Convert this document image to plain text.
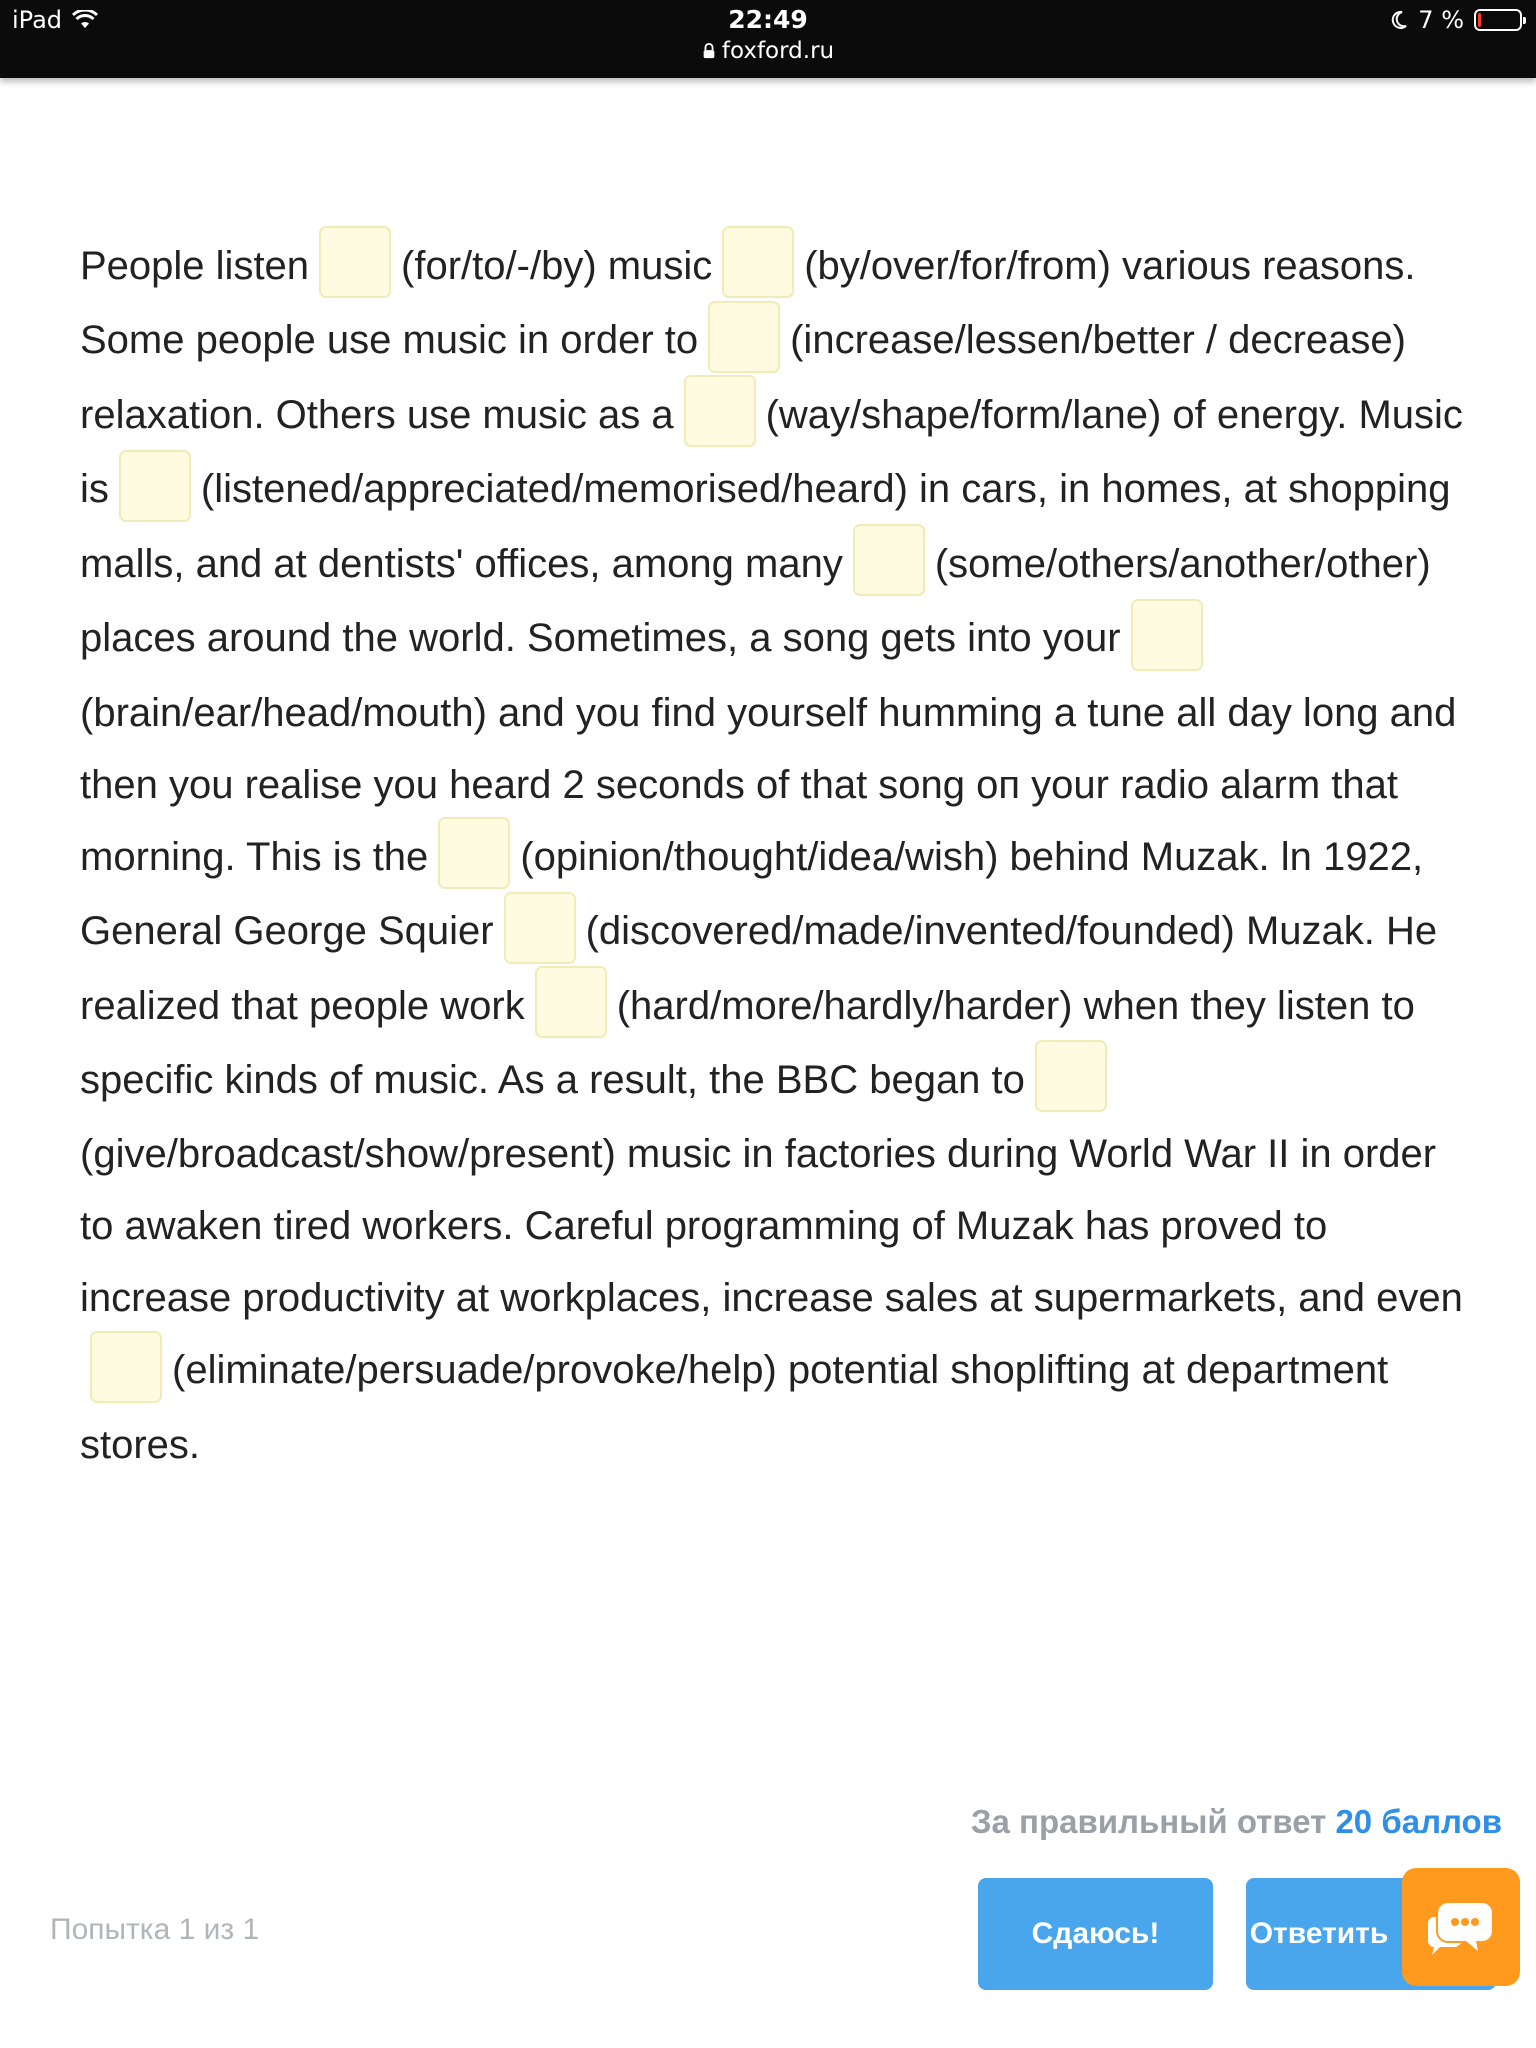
iPad	22:49
foxford.ru
7 %
People listen (for/to/-/by) music (by/over/for/from) various reasons. Some people use music in order to (increase/lessen/better / decrease) relaxation. Others use music as a (way/shape/form/lane) of energy. Music is (listened/appreciated/memorised/heard) in cars, in homes, at shopping malls, and at dentists' offices, among many (some/others/another/other) places around the world. Sometimes, a song gets into your(brain/ear/head/mouth) and you find yourself humming a tune all day long and then you realise you heard 2 seconds of that song оп your radio alarm that morning. This is the (opinion/thought/idea/wish) behind Muzak. ln 1922, General George Squier (discovered/made/invented/founded) Muzak. He realized that people work (hard/more/hardly/harder) when they listen to specific kinds of music. As a result, the BBC began to(give/broadcast/show/present) music in factories during World War II in order to awaken tired workers. Careful programming of Muzak has proved to increase productivity at workplaces, increase sales at supermarkets, and even(eliminate/persuade/provoke/help) potential shoplifting at department stores.
За правильный ответ 20 баллов
Попытка 1 из 1	Сдаюсь!	Ответить
